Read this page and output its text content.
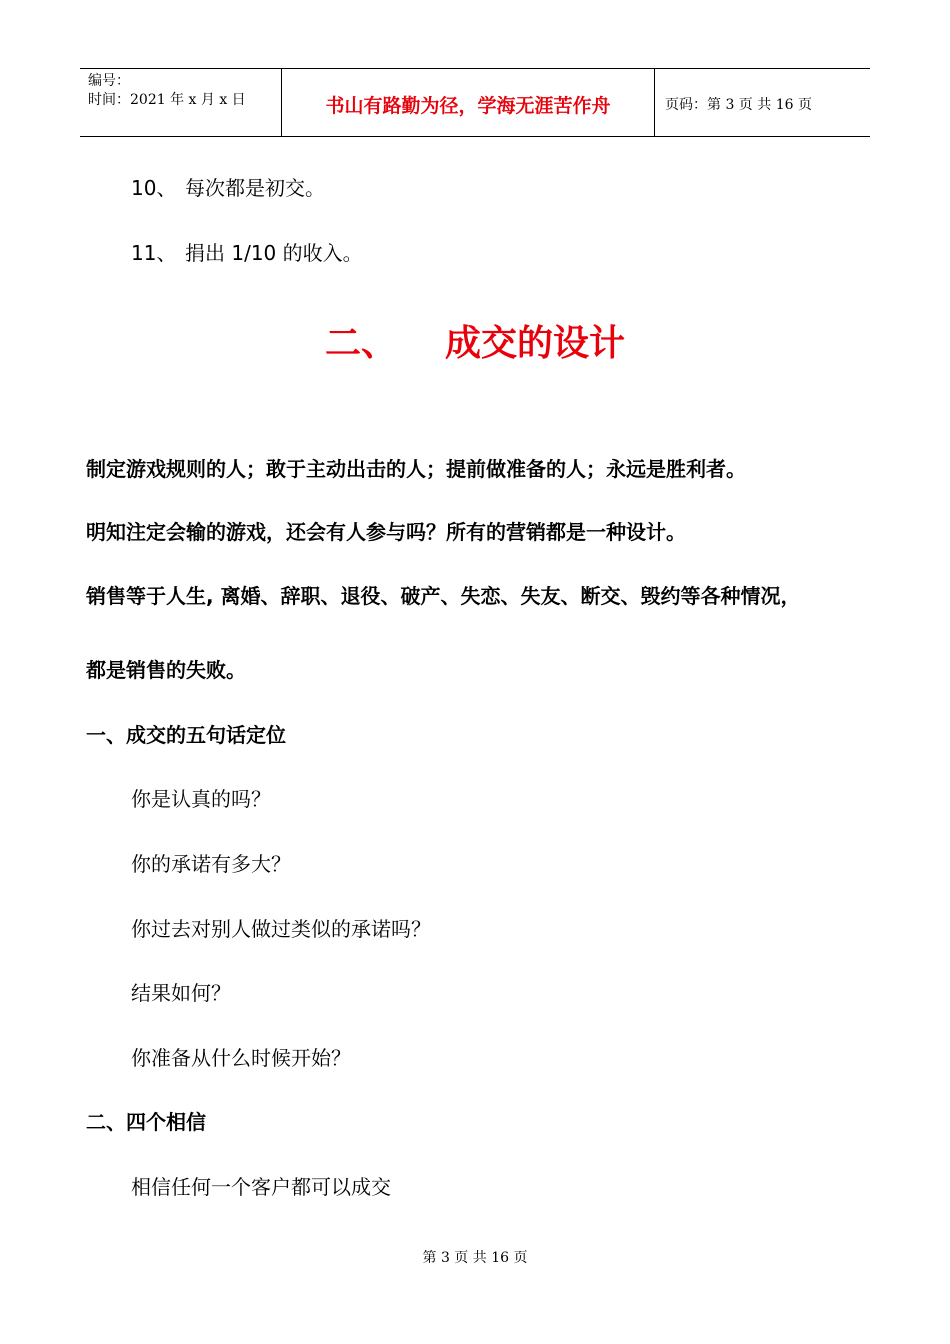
编号：
时间：2021 年 x 月 x 日	书山有路勤为径，学海无涯苦作舟	页码：第 3 页 共 16 页
10、 每次都是初交。
11、 捐出 1/10 的收入。
二、 成交的设计
制定游戏规则的人；敢于主动出击的人；提前做准备的人；永远是胜利者。
明知注定会输的游戏，还会有人参与吗？所有的营销都是一种设计。
销售等于人生, 离婚、辞职、退役、破产、失恋、失友、断交、毁约等各种情况，
都是销售的失败。
一、成交的五句话定位
你是认真的吗？
你的承诺有多大？
你过去对别人做过类似的承诺吗？
结果如何？
你准备从什么时候开始？
二、四个相信
相信任何一个客户都可以成交
第 3 页 共 16 页
